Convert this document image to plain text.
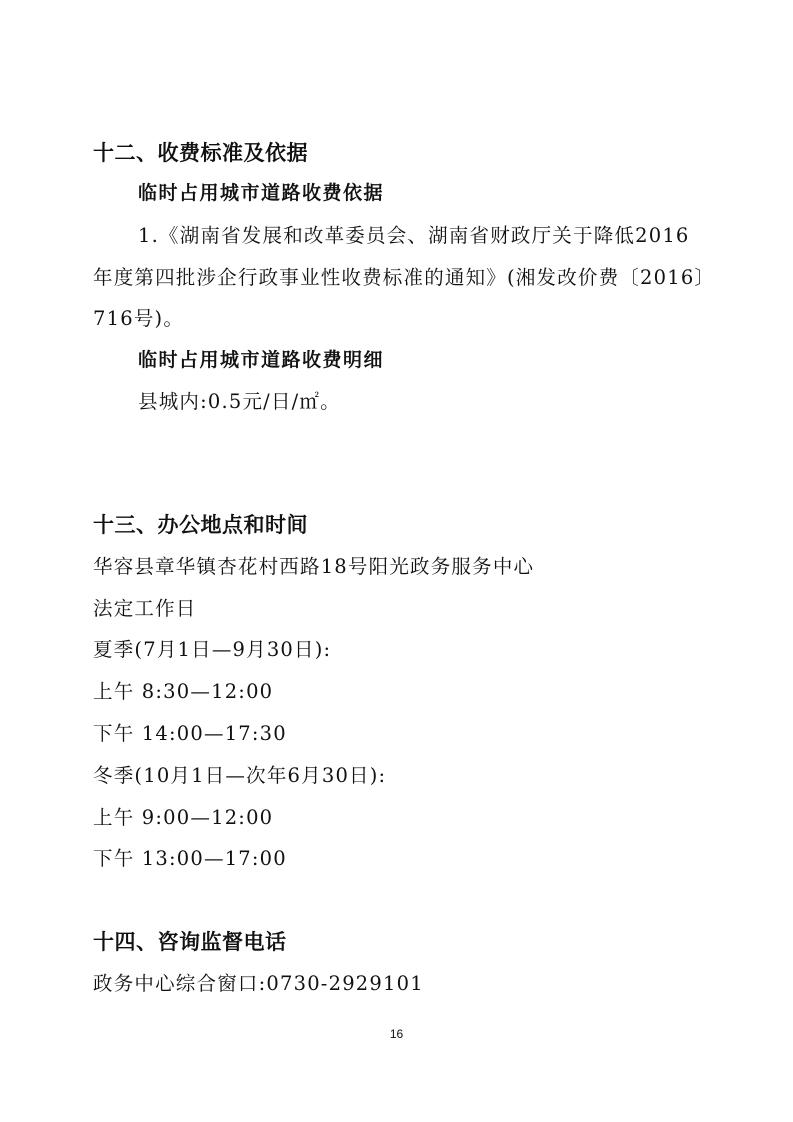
十二、收费标准及依据
临时占用城市道路收费依据
1.《湖南省发展和改革委员会、湖南省财政厅关于降低2016
年度第四批涉企行政事业性收费标准的通知》(湘发改价费〔2016〕
716号)。
临时占用城市道路收费明细
县城内:0.5元/日/㎡。
十三、办公地点和时间
华容县章华镇杏花村西路18号阳光政务服务中心
法定工作日
夏季(7月1日—9月30日):
上午 8:30—12:00
下午 14:00—17:30
冬季(10月1日—次年6月30日):
上午 9:00—12:00
下午 13:00—17:00
十四、咨询监督电话
政务中心综合窗口:0730-2929101
16
